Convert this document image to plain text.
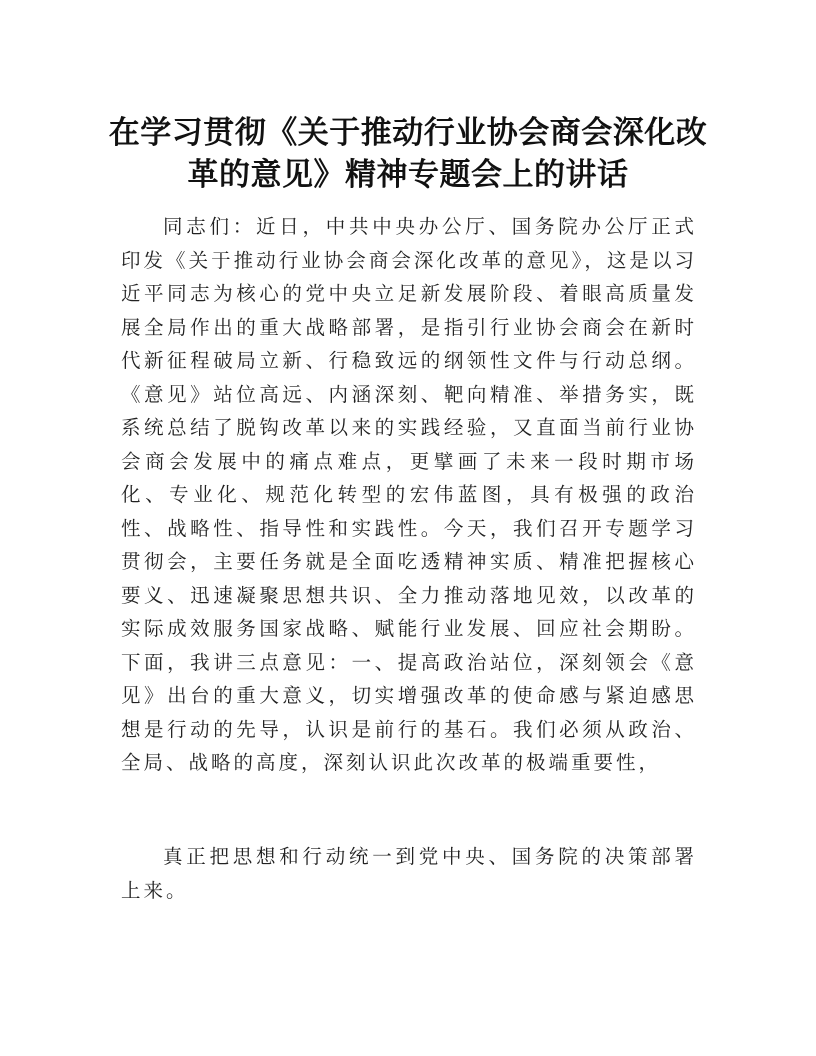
在学习贯彻《关于推动行业协会商会深化改
革的意见》精神专题会上的讲话

同志们：近日，中共中央办公厅、国务院办公厅正式印发《关于推动行业协会商会深化改革的意见》，这是以习近平同志为核心的党中央立足新发展阶段、着眼高质量发展全局作出的重大战略部署，是指引行业协会商会在新时代新征程破局立新、行稳致远的纲领性文件与行动总纲。《意见》站位高远、内涵深刻、靶向精准、举措务实，既系统总结了脱钩改革以来的实践经验，又直面当前行业协会商会发展中的痛点难点，更擘画了未来一段时期市场化、专业化、规范化转型的宏伟蓝图，具有极强的政治性、战略性、指导性和实践性。今天，我们召开专题学习贯彻会，主要任务就是全面吃透精神实质、精准把握核心要义、迅速凝聚思想共识、全力推动落地见效，以改革的实际成效服务国家战略、赋能行业发展、回应社会期盼。下面，我讲三点意见：一、提高政治站位，深刻领会《意见》出台的重大意义，切实增强改革的使命感与紧迫感思想是行动的先导，认识是前行的基石。我们必须从政治、全局、战略的高度，深刻认识此次改革的极端重要性，

真正把思想和行动统一到党中央、国务院的决策部署上来。
